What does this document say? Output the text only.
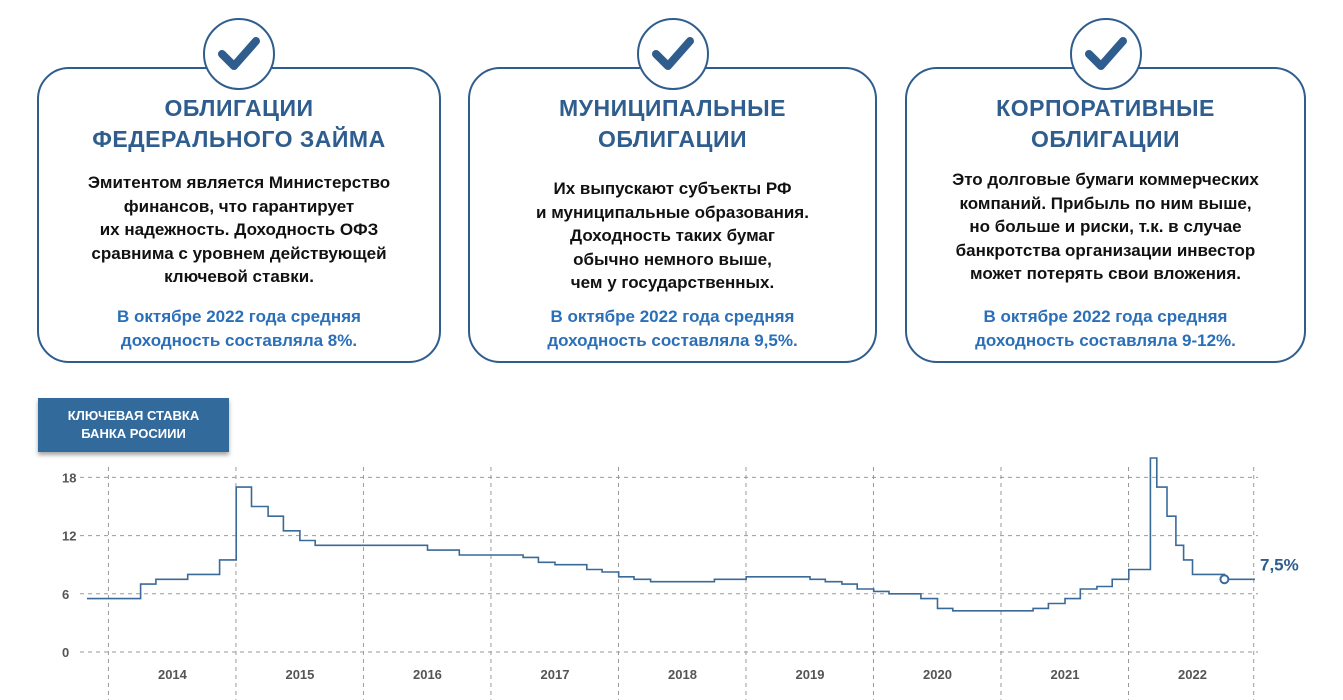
ОБЛИГАЦИИ
ФЕДЕРАЛЬНОГО ЗАЙМА
Эмитентом является Министерство
финансов, что гарантирует
их надежность. Доходность ОФЗ
сравнима с уровнем действующей
ключевой ставки.
В октябре 2022 года средняя
доходность составляла 8%.
МУНИЦИПАЛЬНЫЕ
ОБЛИГАЦИИ
Их выпускают субъекты РФ
и муниципальные образования.
Доходность таких бумаг
обычно немного выше,
чем у государственных.
В октябре 2022 года средняя
доходность составляла 9,5%.
КОРПОРАТИВНЫЕ
ОБЛИГАЦИИ
Это долговые бумаги коммерческих
компаний. Прибыль по ним выше,
но больше и риски, т.к. в случае
банкротства организации инвестор
может потерять свои вложения.
В октябре 2022 года средняя
доходность составляла 9-12%.
КЛЮЧЕВАЯ СТАВКА
БАНКА РОСИИИ
0
6
12
18
2014	2015	2016	2017	2018	2019	2020	2021	2022
7,5%
